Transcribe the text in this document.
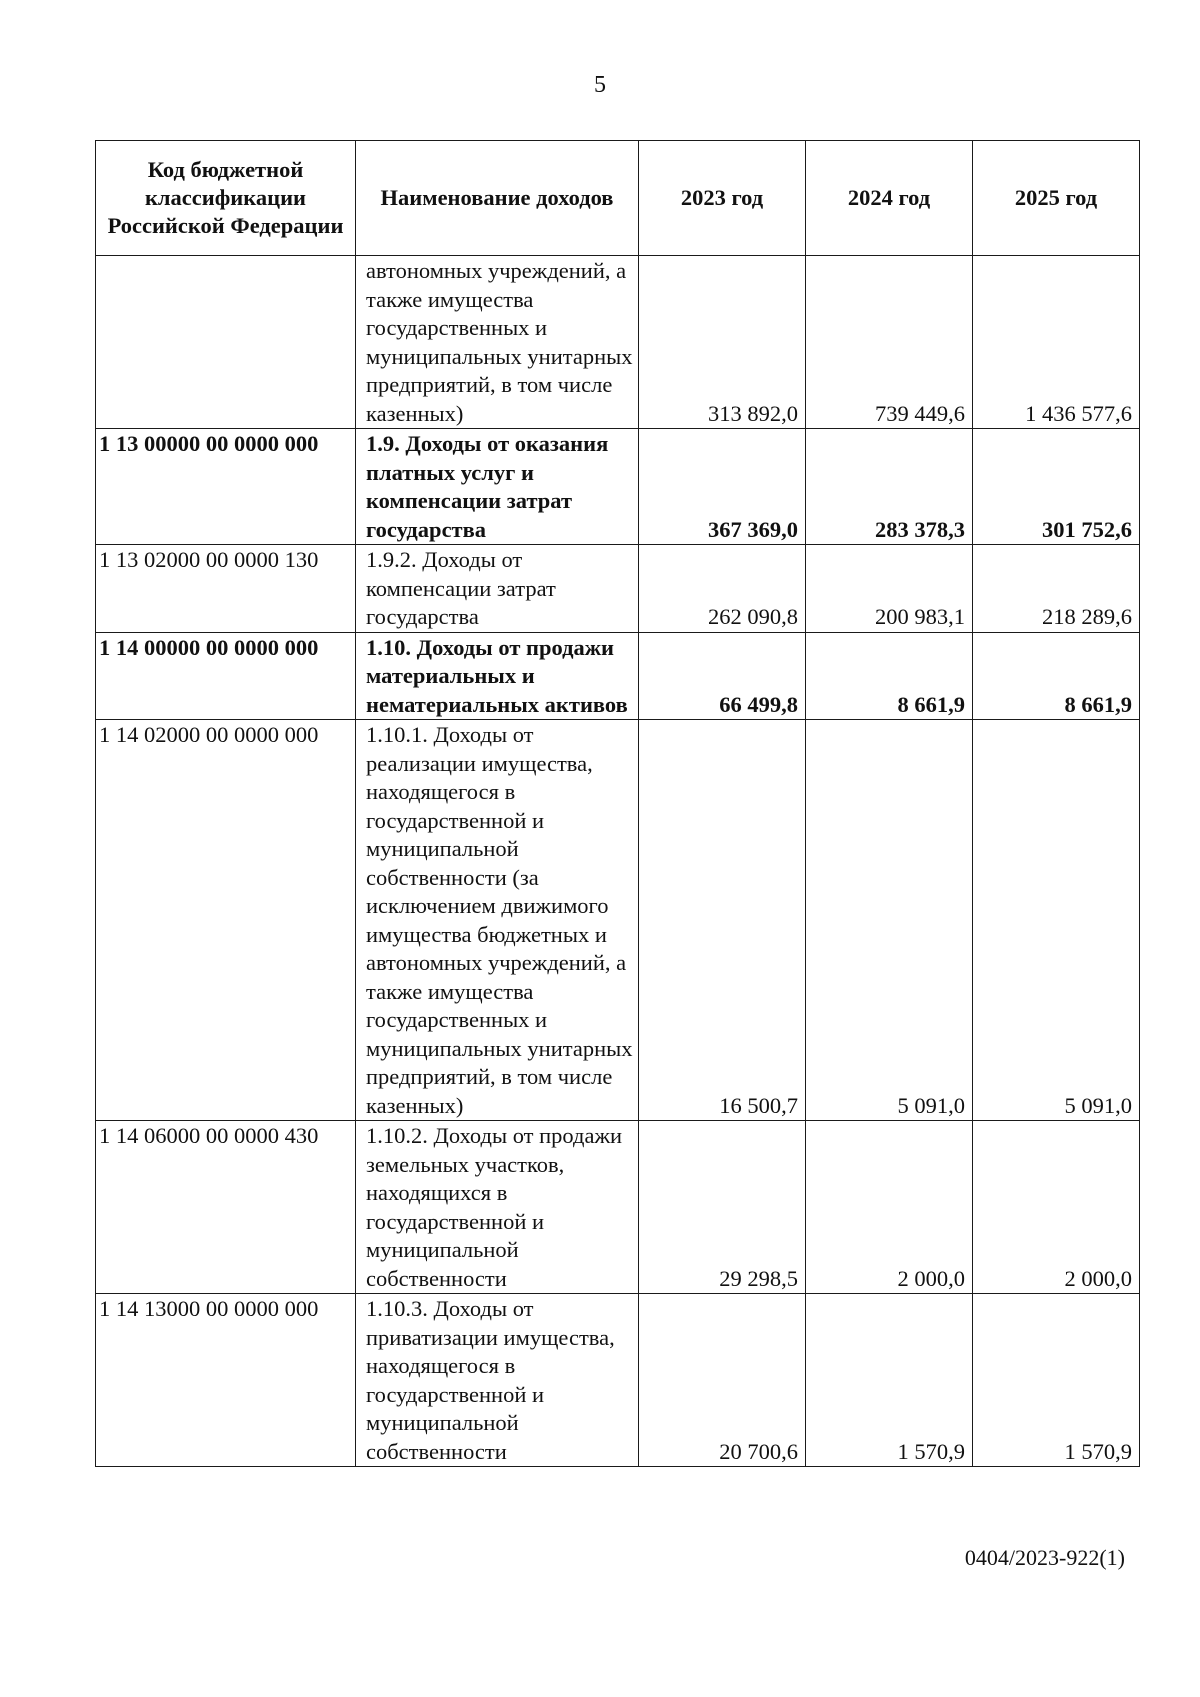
5
Код бюджетной классификации Российской Федерации	Наименование доходов	2023 год	2024 год	2025 год
	автономных учреждений, а также имущества государственных и муниципальных унитарных предприятий, в том числе казенных)	313 892,0	739 449,6	1 436 577,6
1 13 00000 00 0000 000	1.9. Доходы от оказания платных услуг и компенсации затрат государства	367 369,0	283 378,3	301 752,6
1 13 02000 00 0000 130	1.9.2. Доходы от компенсации затрат государства	262 090,8	200 983,1	218 289,6
1 14 00000 00 0000 000	1.10. Доходы от продажи материальных и нематериальных активов	66 499,8	8 661,9	8 661,9
1 14 02000 00 0000 000	1.10.1. Доходы от реализации имущества, находящегося в государственной и муниципальной собственности (за исключением движимого имущества бюджетных и автономных учреждений, а также имущества государственных и муниципальных унитарных предприятий, в том числе казенных)	16 500,7	5 091,0	5 091,0
1 14 06000 00 0000 430	1.10.2. Доходы от продажи земельных участков, находящихся в государственной и муниципальной собственности	29 298,5	2 000,0	2 000,0
1 14 13000 00 0000 000	1.10.3. Доходы от приватизации имущества, находящегося в государственной и муниципальной собственности	20 700,6	1 570,9	1 570,9
0404/2023-922(1)
